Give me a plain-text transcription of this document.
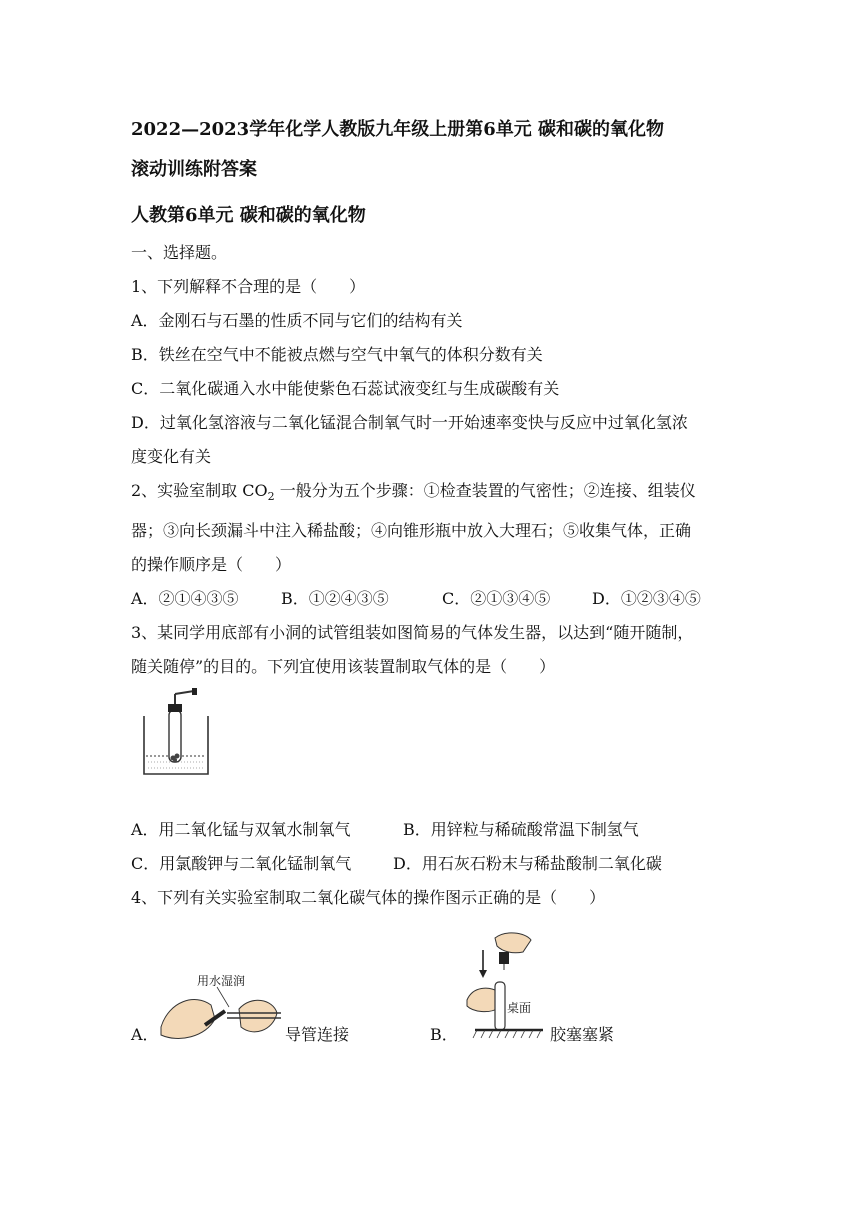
2022—2023学年化学人教版九年级上册第6单元 碳和碳的氧化物
滚动训练附答案
人教第6单元 碳和碳的氧化物
一、选择题。
1、下列解释不合理的是（　　）
A．金刚石与石墨的性质不同与它们的结构有关
B．铁丝在空气中不能被点燃与空气中氧气的体积分数有关
C．二氧化碳通入水中能使紫色石蕊试液变红与生成碳酸有关
D．过氧化氢溶液与二氧化锰混合制氧气时一开始速率变快与反应中过氧化氢浓
度变化有关
2、实验室制取 $CO_2$ 一般分为五个步骤：①检查装置的气密性；②连接、组装仪
器；③向长颈漏斗中注入稀盐酸；④向锥形瓶中放入大理石；⑤收集气体，正确
的操作顺序是（　　）
A．②①④③⑤	B．①②④③⑤	C．②①③④⑤	D．①②③④⑤
3、某同学用底部有小洞的试管组装如图简易的气体发生器，以达到“随开随制，
随关随停”的目的。下列宜使用该装置制取气体的是（　　）
A．用二氧化锰与双氧水制氧气	B．用锌粒与稀硫酸常温下制氢气
C．用氯酸钾与二氧化锰制氧气	D．用石灰石粉末与稀盐酸制二氧化碳
4、下列有关实验室制取二氧化碳气体的操作图示正确的是（　　）
A．
用水湿润
导管连接	B．
桌面
胶塞塞紧
